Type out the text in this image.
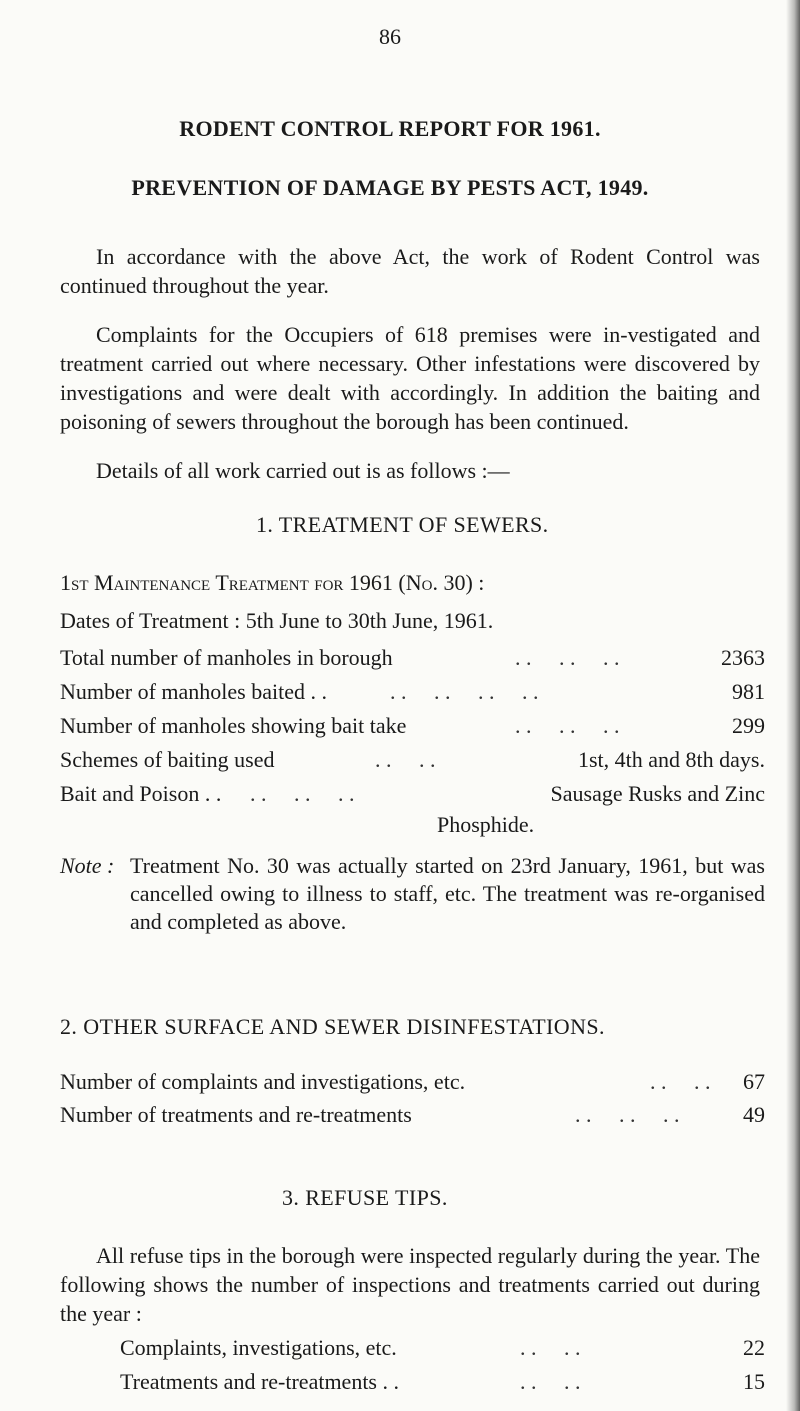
86
RODENT CONTROL REPORT FOR 1961.
PREVENTION OF DAMAGE BY PESTS ACT, 1949.
In accordance with the above Act, the work of Rodent Control was continued throughout the year.
Complaints for the Occupiers of 618 premises were in-vestigated and treatment carried out where necessary. Other infestations were discovered by investigations and were dealt with accordingly. In addition the baiting and poisoning of sewers throughout the borough has been continued.
Details of all work carried out is as follows :—
1. TREATMENT OF SEWERS.
1st Maintenance Treatment for 1961 (No. 30) :
Dates of Treatment : 5th June to 30th June, 1961.
Total number of manholes in borough	. .     . .     . .	2363
Number of manholes baited . .	. .     . .     . .     . .	981
Number of manholes showing bait take	. .     . .     . .	299
Schemes of baiting used	. .     . .	1st, 4th and 8th days.
Bait and Poison . . . .     . .     . .	Sausage Rusks and Zinc
Phosphide.
Note : Treatment No. 30 was actually started on 23rd January, 1961, but was cancelled owing to illness to staff, etc. The treatment was re-organised and completed as above.
2. OTHER SURFACE AND SEWER DISINFESTATIONS.
Number of complaints and investigations, etc.	. .     . . 67
Number of treatments and re-treatments	. .     . .     . .	49
3. REFUSE TIPS.
All refuse tips in the borough were inspected regularly during the year. The following shows the number of inspections and treatments carried out during the year :
Complaints, investigations, etc.	. .     . .	22
Treatments and re-treatments . .	. .     . .	15
